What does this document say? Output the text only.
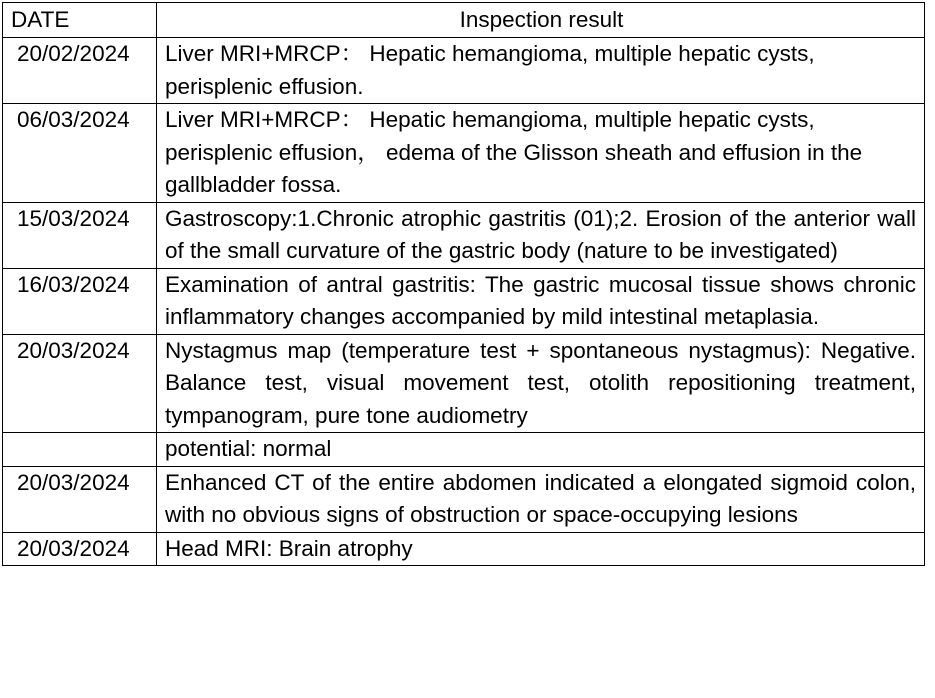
DATE	Inspection result
20/02/2024	Liver MRI+MRCP： Hepatic hemangioma, multiple hepatic cysts, perisplenic effusion.
06/03/2024	Liver MRI+MRCP： Hepatic hemangioma, multiple hepatic cysts, perisplenic effusion， edema of the Glisson sheath and effusion in the gallbladder fossa.
15/03/2024	Gastroscopy:1.Chronic atrophic gastritis (01);2. Erosion of the anterior wall of the small curvature of the gastric body (nature to be investigated)
16/03/2024	Examination of antral gastritis: The gastric mucosal tissue shows chronic inflammatory changes accompanied by mild intestinal metaplasia.
20/03/2024	Nystagmus map (temperature test + spontaneous nystagmus): Negative. Balance test, visual movement test, otolith repositioning treatment, tympanogram, pure tone audiometry
	potential: normal
20/03/2024	Enhanced CT of the entire abdomen indicated a elongated sigmoid colon, with no obvious signs of obstruction or space-occupying lesions
20/03/2024	Head MRI: Brain atrophy
